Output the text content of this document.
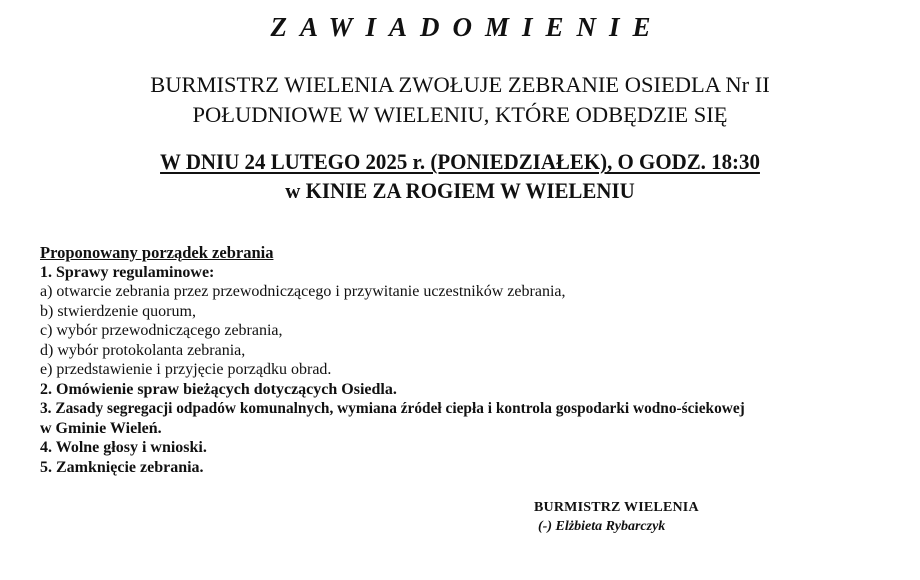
ZAWIADOMIENIE
BURMISTRZ WIELENIA ZWOŁUJE ZEBRANIE OSIEDLA Nr II
POŁUDNIOWE W WIELENIU, KTÓRE ODBĘDZIE SIĘ
W DNIU 24 LUTEGO 2025 r. (PONIEDZIAŁEK), O GODZ. 18:30
w KINIE ZA ROGIEM W WIELENIU
Proponowany porządek zebrania
1. Sprawy regulaminowe:
a) otwarcie zebrania przez przewodniczącego i przywitanie uczestników zebrania,
b) stwierdzenie quorum,
c) wybór przewodniczącego zebrania,
d) wybór protokolanta zebrania,
e) przedstawienie i przyjęcie porządku obrad.
2. Omówienie spraw bieżących dotyczących Osiedla.
3. Zasady segregacji odpadów komunalnych, wymiana źródeł ciepła i kontrola gospodarki wodno-ściekowej
w Gminie Wieleń.
4. Wolne głosy i wnioski.
5. Zamknięcie zebrania.
BURMISTRZ WIELENIA
(-) Elżbieta Rybarczyk
